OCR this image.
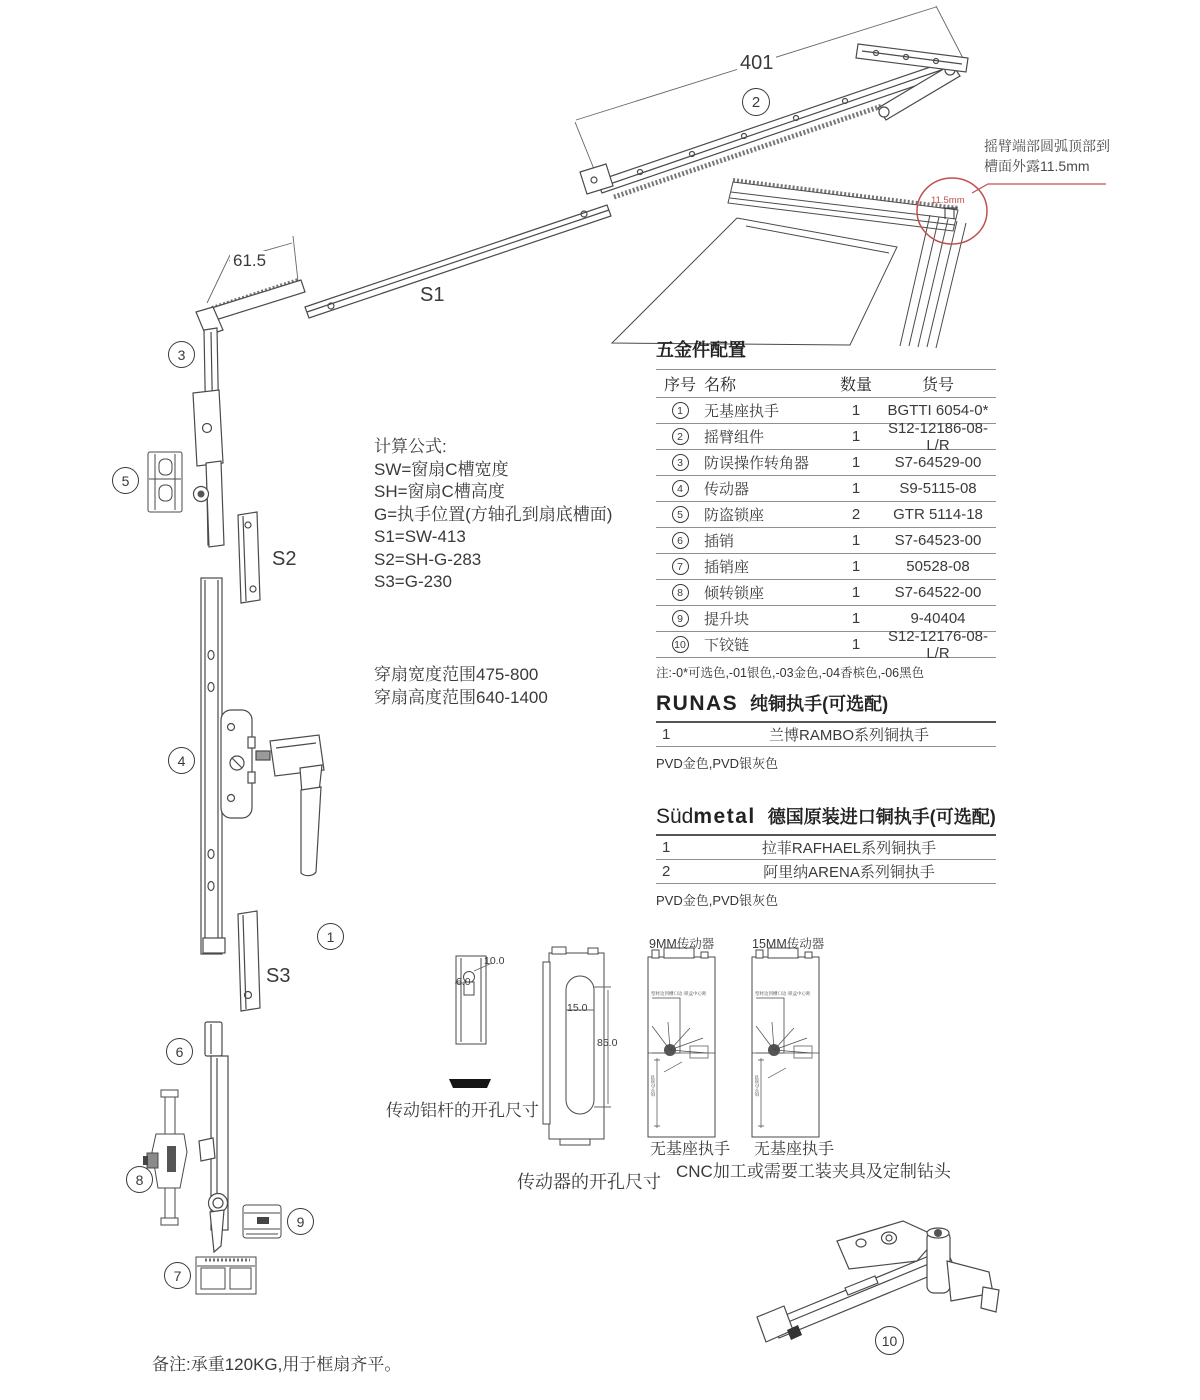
摇臂端部圆弧顶部到
槽面外露11.5mm
11.5mm
401
61.5
S1
S2
S3
2
3
5
4
1
6
8
9
7
10
计算公式:
SW=窗扇C槽宽度
SH=窗扇C槽高度
G=执手位置(方轴孔到扇底槽面)
S1=SW-413
S2=SH-G-283
S3=G-230
穿扇宽度范围475-800
穿扇高度范围640-1400
五金件配置
序号 名称	数量	货号
1	无基座执手	1	BGTTI 6054-0*
2	摇臂组件	1	S12-12186-08-L/R
3	防误操作转角器	1	S7-64529-00
4	传动器	1	S9-5115-08
5	防盗锁座	2	GTR 5114-18
6	插销	1	S7-64523-00
7	插销座	1	50528-08
8	倾转锁座	1	S7-64522-00
9	提升块	1	9-40404
10 下铰链	1	S12-12176-08-L/R
注:-0*可选色,-01银色,-03金色,-04香槟色,-06黑色
RUNAS 纯铜执手(可选配)
1	兰博RAMBO系列铜执手
PVD金色,PVD银灰色
Südmetal 德国原装进口铜执手(可选配)
1	拉菲RAFHAEL系列铜执手
2	阿里纳ARENA系列铜执手
PVD金色,PVD银灰色
10.0
6.0
传动铝杆的开孔尺寸
15.0
85.0
传动器的开孔尺寸
9MM传动器	15MM传动器
型材边到槽口边·锁盒中心距	型材边到槽口边·锁盒中心距
执手位置G	执手位置G
无基座执手 无基座执手
CNC加工或需要工装夹具及定制钻头
备注:承重120KG,用于框扇齐平。
